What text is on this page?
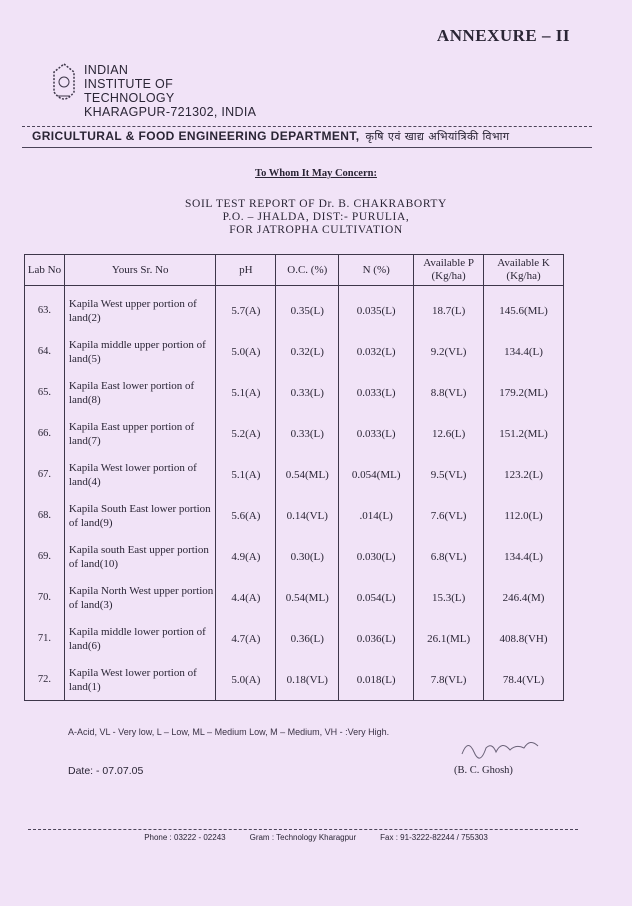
ANNEXURE – II
INDIAN
INSTITUTE OF
TECHNOLOGY
KHARAGPUR-721302, INDIA
GRICULTURAL & FOOD ENGINEERING DEPARTMENT, कृषि एवं खाद्य अभियांत्रिकी विभाग
To Whom It May Concern:
SOIL TEST REPORT OF Dr. B. CHAKRABORTY
P.O. – JHALDA, DIST:- PURULIA,
FOR JATROPHA CULTIVATION
Lab No	Yours Sr. No	pH	O.C. (%)	N (%)	Available P (Kg/ha)	Available K (Kg/ha)
63.	Kapila West upper portion of land(2)	5.7(A)	0.35(L)	0.035(L)	18.7(L)	145.6(ML)
64.	Kapila middle upper portion of land(5)	5.0(A)	0.32(L)	0.032(L)	9.2(VL)	134.4(L)
65.	Kapila East lower portion of land(8)	5.1(A)	0.33(L)	0.033(L)	8.8(VL)	179.2(ML)
66.	Kapila East upper portion of land(7)	5.2(A)	0.33(L)	0.033(L)	12.6(L)	151.2(ML)
67.	Kapila West lower portion of land(4)	5.1(A)	0.54(ML)	0.054(ML)	9.5(VL)	123.2(L)
68.	Kapila South East lower portion of land(9)	5.6(A)	0.14(VL)	.014(L)	7.6(VL)	112.0(L)
69.	Kapila south East upper portion of land(10)	4.9(A)	0.30(L)	0.030(L)	6.8(VL)	134.4(L)
70.	Kapila North West upper portion of land(3)	4.4(A)	0.54(ML)	0.054(L)	15.3(L)	246.4(M)
71.	Kapila middle lower portion of land(6)	4.7(A)	0.36(L)	0.036(L)	26.1(ML)	408.8(VH)
72.	Kapila West lower portion of land(1)	5.0(A)	0.18(VL)	0.018(L)	7.8(VL)	78.4(VL)
A-Acid, VL - Very low, L – Low, ML – Medium Low, M – Medium, VH - :Very High.
Date: - 07.07.05	(B. C. Ghosh)
Phone : 03222 - 02243	Gram : Technology Kharagpur	Fax : 91-3222-82244 / 755303
